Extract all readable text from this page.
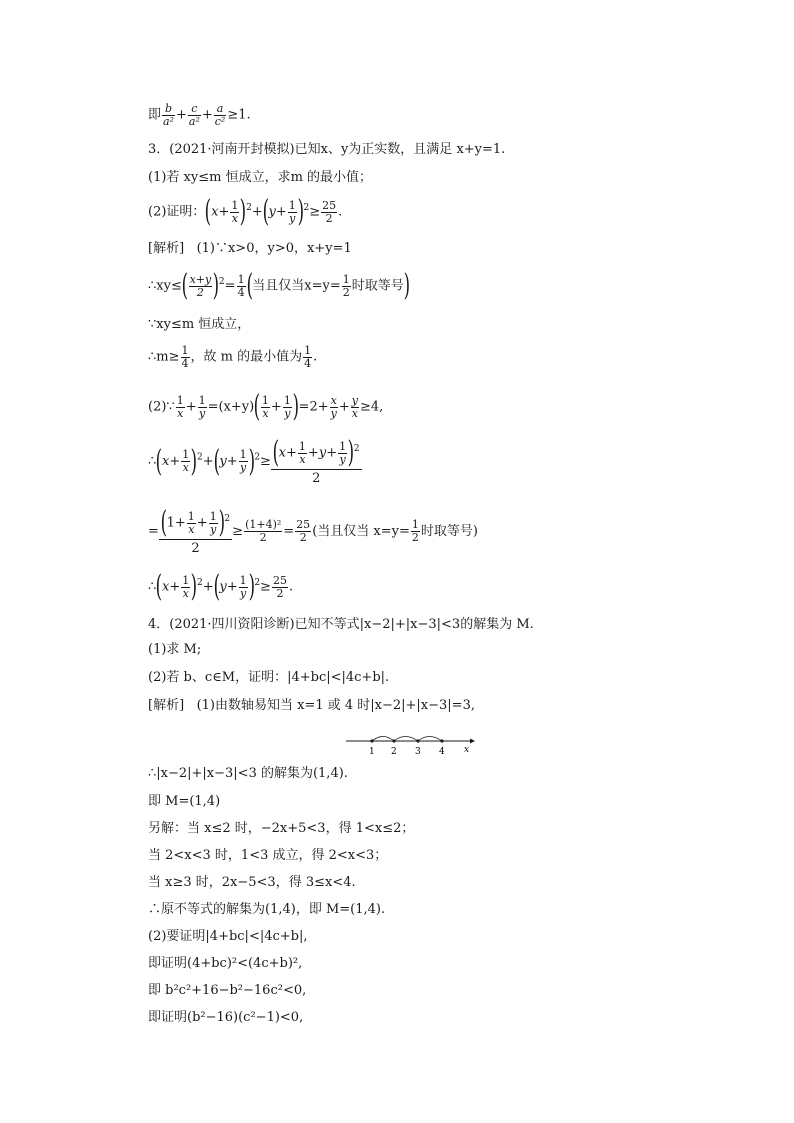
即 $\frac{b}{\text{a²}} + \frac{c}{\text{a²}} + \frac{a}{\text{c²}} \ge 1$.
3．(2021·河南开封模拟)已知x、y为正实数，且满足 x+y=1.
(1)若 xy≤m 恒成立，求m 的最小值；
(2)证明：$(x+ \frac{1}{x} )^2+(y+ \frac{1}{y} )^2\ge \frac{25}{2}$ .
[解析] (1)∵x>0，y>0，x+y=1
∴xy≤( $\frac{x+y}{2} )^2= \frac{1}{4}$ (当且仅当$x=y= \frac{1}{2}$ 时取等号)
∵xy≤m 恒成立，
∴m≥ $\frac{1}{4}$ ，故 m 的最小值为 $\frac{1}{4}$ .
(2)∵ $\frac{1}{x} + \frac{1}{y} =(x+y)( \frac{1}{x} + \frac{1}{y} )=2+ \frac{x}{y} + \frac{y}{x} \ge 4$,
∴(x+ $\frac{1}{x} )^2+(y+ \frac{1}{y} )^2\ge \frac{(x+ \frac{1}{x} +y+ \frac{1}{y} )^2}{2}$
= $\frac{(1+ \frac{1}{x} + \frac{1}{y} )^2}{2} \ge \frac{\text{(1+4)²}}{2} = \frac{25}{2}$ (当且仅当 $x=y= \frac{1}{2}$ 时取等号)
∴(x+ $\frac{1}{x} )^2+(y+ \frac{1}{y} )^2\ge \frac{25}{2}$ .
4．(2021·四川资阳诊断)已知不等式|x−2|+|x−3|<3的解集为 M.
(1)求 M;
(2)若 b、c∈M，证明：|4+bc|<|4c+b|.
[解析] (1)由数轴易知当 x=1 或 4 时|x−2|+|x−3|=3,
1 2 3 4 x
∴|x−2|+|x−3|<3 的解集为(1,4).
即 M=(1,4)
另解：当 x≤2 时，−2x+5<3，得 1<x≤2；
当 2<x<3 时，1<3 成立，得 2<x<3；
当 x≥3 时，2x−5<3，得 3≤x<4.
∴原不等式的解集为(1,4)，即 M=(1,4).
(2)要证明|4+bc|<|4c+b|,
即证明(4+bc)²<(4c+b)²,
即 b²c²+16−b²−16c²<0,
即证明(b²−16)(c²−1)<0,
